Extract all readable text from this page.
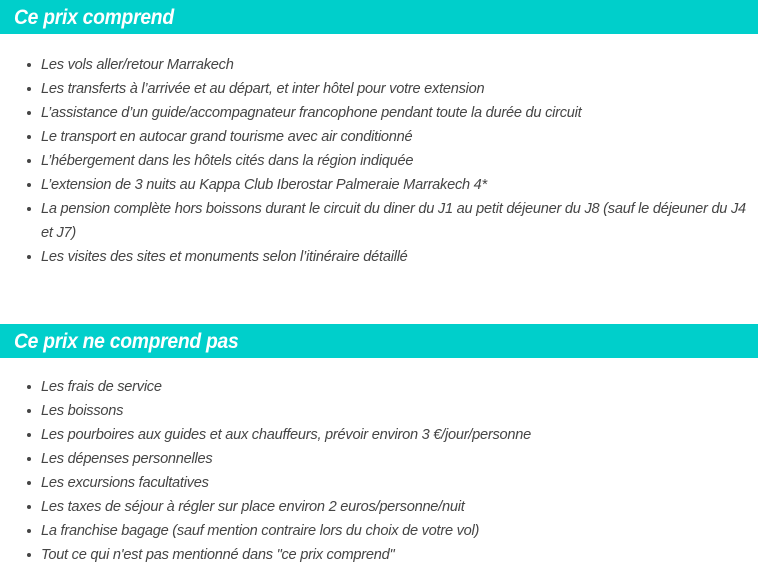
Ce prix comprend
Les vols aller/retour Marrakech
Les transferts à l’arrivée et au départ, et inter hôtel pour votre extension
L’assistance d’un guide/accompagnateur francophone pendant toute la durée du circuit
Le transport en autocar grand tourisme avec air conditionné
L’hébergement dans les hôtels cités dans la région indiquée
L’extension de 3 nuits au Kappa Club Iberostar Palmeraie Marrakech 4*
La pension complète hors boissons durant le circuit du diner du J1 au petit déjeuner du J8 (sauf le déjeuner du J4 et J7)
Les visites des sites et monuments selon l’itinéraire détaillé
Ce prix ne comprend pas
Les frais de service
Les boissons
Les pourboires aux guides et aux chauffeurs, prévoir environ 3 €/jour/personne
Les dépenses personnelles
Les excursions facultatives
Les taxes de séjour à régler sur place environ 2 euros/personne/nuit
La franchise bagage (sauf mention contraire lors du choix de votre vol)
Tout ce qui n'est pas mentionné dans "ce prix comprend"
